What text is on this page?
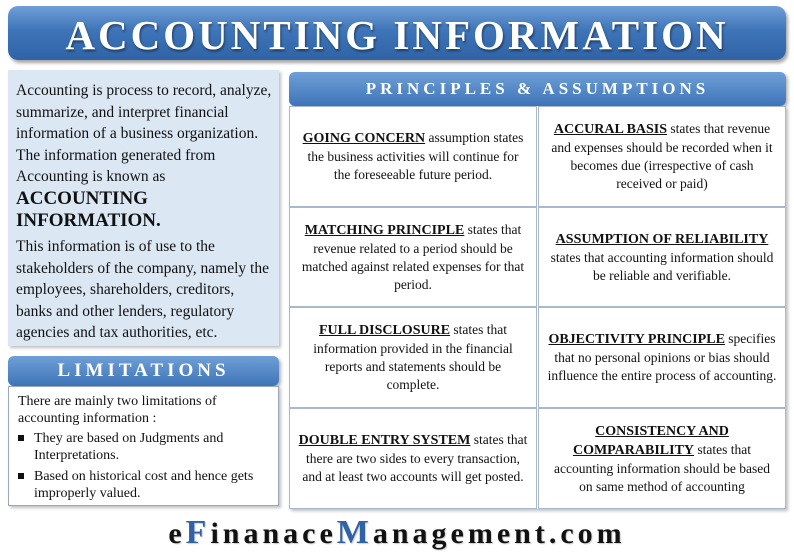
ACCOUNTING INFORMATION

Accounting is process to record, analyze, summarize, and interpret financial information of a business organization. The information generated from Accounting is known as ACCOUNTING INFORMATION.

This information is of use to the stakeholders of the company, namely the employees, shareholders, creditors, banks and other lenders, regulatory agencies and tax authorities, etc.

LIMITATIONS

There are mainly two limitations of accounting information :

They are based on Judgments and Interpretations.
Based on historical cost and hence gets improperly valued.
PRINCIPLES & ASSUMPTIONS
GOING CONCERN assumption states the business activities will continue for the foreseeable future period.
ACCURAL BASIS states that revenue and expenses should be recorded when it becomes due (irrespective of cash received or paid)
MATCHING PRINCIPLE states that revenue related to a period should be matched against related expenses for that period.
ASSUMPTION OF RELIABILITY states that accounting information should be reliable and verifiable.
FULL DISCLOSURE states that information provided in the financial reports and statements should be complete.
OBJECTIVITY PRINCIPLE specifies that no personal opinions or bias should influence the entire process of accounting.
DOUBLE ENTRY SYSTEM states that there are two sides to every transaction, and at least two accounts will get posted.
CONSISTENCY AND COMPARABILITY states that accounting information should be based on same method of accounting
eFinanaceManagement.com
